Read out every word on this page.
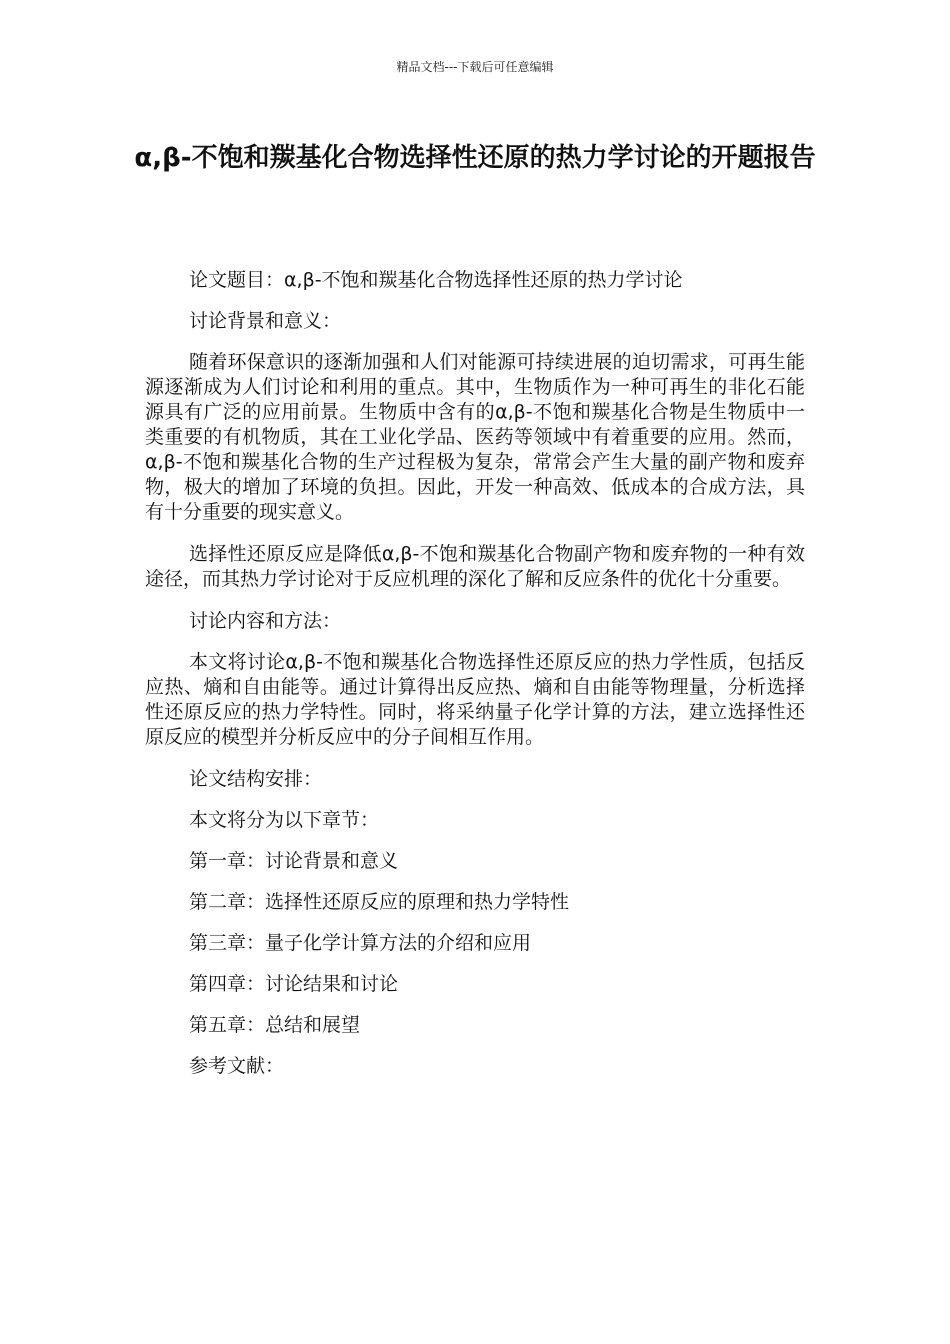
精品文档---下载后可任意编辑
α,β-不饱和羰基化合物选择性还原的热力学讨论的开题报告

论文题目：α,β-不饱和羰基化合物选择性还原的热力学讨论

讨论背景和意义：

随着环保意识的逐渐加强和人们对能源可持续进展的迫切需求，可再生能源逐渐成为人们讨论和利用的重点。其中，生物质作为一种可再生的非化石能源具有广泛的应用前景。生物质中含有的α,β-不饱和羰基化合物是生物质中一类重要的有机物质，其在工业化学品、医药等领域中有着重要的应用。然而，α,β-不饱和羰基化合物的生产过程极为复杂，常常会产生大量的副产物和废弃物，极大的增加了环境的负担。因此，开发一种高效、低成本的合成方法，具有十分重要的现实意义。

选择性还原反应是降低α,β-不饱和羰基化合物副产物和废弃物的一种有效途径，而其热力学讨论对于反应机理的深化了解和反应条件的优化十分重要。

讨论内容和方法：

本文将讨论α,β-不饱和羰基化合物选择性还原反应的热力学性质，包括反应热、熵和自由能等。通过计算得出反应热、熵和自由能等物理量，分析选择性还原反应的热力学特性。同时，将采纳量子化学计算的方法，建立选择性还原反应的模型并分析反应中的分子间相互作用。

论文结构安排：

本文将分为以下章节：

第一章：讨论背景和意义

第二章：选择性还原反应的原理和热力学特性

第三章：量子化学计算方法的介绍和应用

第四章：讨论结果和讨论

第五章：总结和展望

参考文献：
